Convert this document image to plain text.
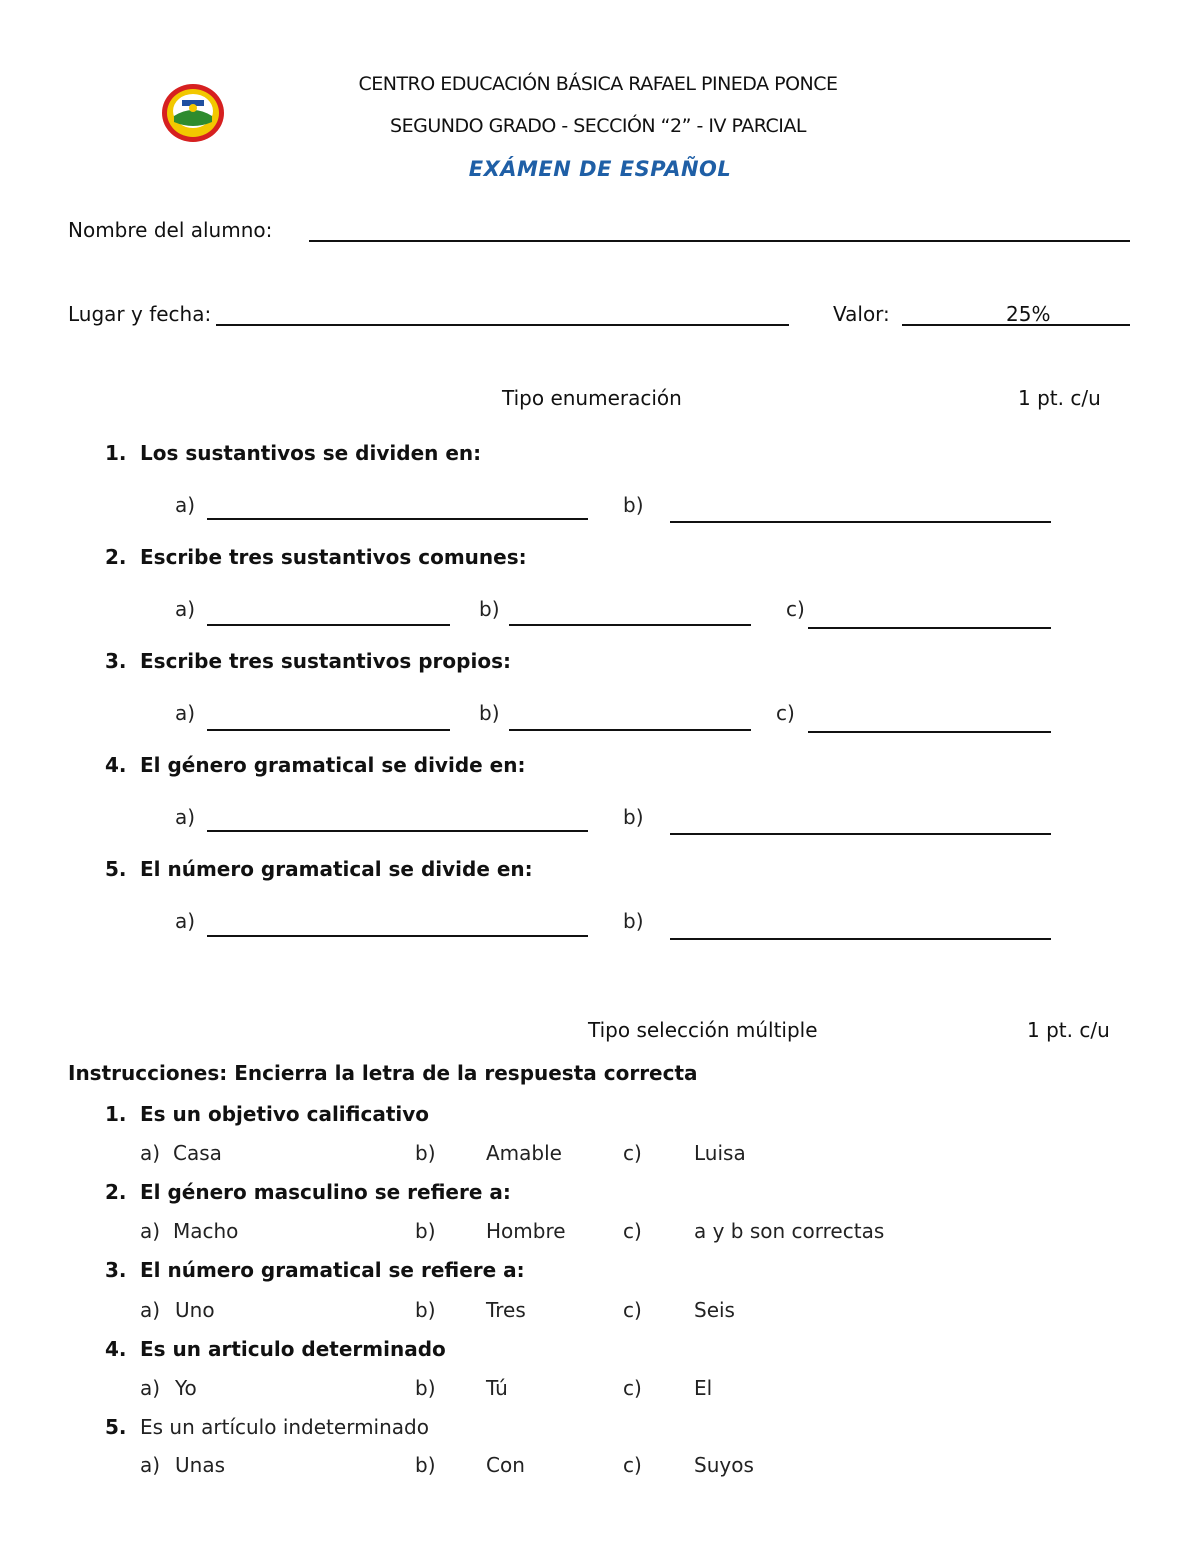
CENTRO EDUCACIÓN BÁSICA RAFAEL PINEDA PONCE
SEGUNDO GRADO - SECCIÓN “2” - IV PARCIAL
EXÁMEN DE ESPAÑOL
Nombre del alumno:
Lugar y fecha:	Valor:	25%
Tipo enumeración	1 pt. c/u
1. Los sustantivos se dividen en:
a)	b)
2. Escribe tres sustantivos comunes:
a)	b)	c)
3. Escribe tres sustantivos propios:
a)	b)	c)
4. El género gramatical se divide en:
a)	b)
5. El número gramatical se divide en:
a)	b)
Tipo selección múltiple	1 pt. c/u
Instrucciones: Encierra la letra de la respuesta correcta
1. Es un objetivo calificativo
a) Casa	b)	Amable	c)	Luisa
2. El género masculino se refiere a:
a) Macho	b)	Hombre	c)	a y b son correctas
3. El número gramatical se refiere a:
a) Uno	b)	Tres	c)	Seis
4. Es un articulo determinado
a) Yo	b)	Tú	c)	El
5. Es un artículo indeterminado
a) Unas	b)	Con	c)	Suyos
